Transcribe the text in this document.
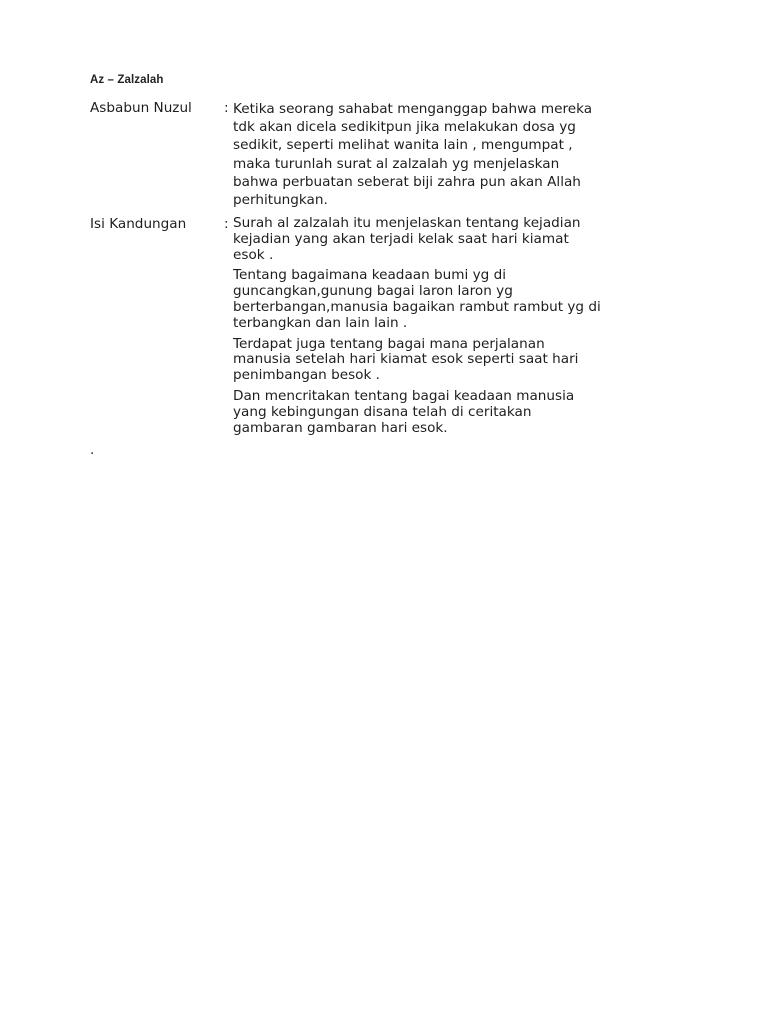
Az – Zalzalah
Asbabun Nuzul : Ketika seorang sahabat menganggap bahwa mereka
tdk akan dicela sedikitpun jika melakukan dosa yg
sedikit, seperti melihat wanita lain , mengumpat ,
maka turunlah surat al zalzalah yg menjelaskan
bahwa perbuatan seberat biji zahra pun akan Allah
perhitungkan.

Isi Kandungan	: Surah al zalzalah itu menjelaskan tentang kejadian
kejadian yang akan terjadi kelak saat hari kiamat
esok .

Tentang bagaimana keadaan bumi yg di
guncangkan,gunung bagai laron laron yg
berterbangan,manusia bagaikan rambut rambut yg di
terbangkan dan lain lain .

Terdapat juga tentang bagai mana perjalanan
manusia setelah hari kiamat esok seperti saat hari
penimbangan besok .

Dan mencritakan tentang bagai keadaan manusia
yang kebingungan disana telah di ceritakan
gambaran gambaran hari esok.

.
